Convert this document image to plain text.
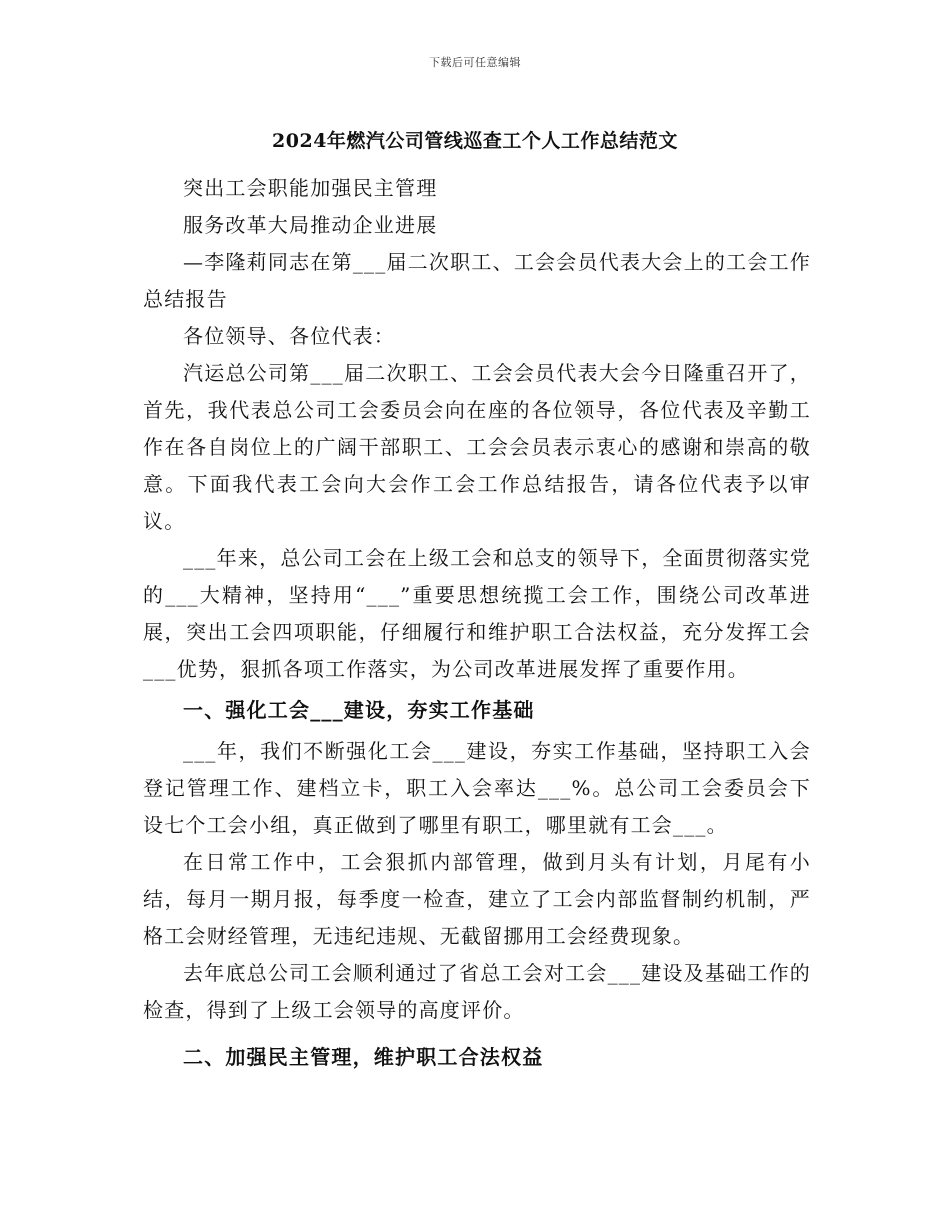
下载后可任意编辑
2024年燃汽公司管线巡查工个人工作总结范文

突出工会职能加强民主管理

服务改革大局推动企业进展

—李隆莉同志在第___届二次职工、工会会员代表大会上的工会工作总结报告

各位领导、各位代表：

汽运总公司第___届二次职工、工会会员代表大会今日隆重召开了，首先，我代表总公司工会委员会向在座的各位领导，各位代表及辛勤工作在各自岗位上的广阔干部职工、工会会员表示衷心的感谢和崇高的敬意。下面我代表工会向大会作工会工作总结报告，请各位代表予以审议。

___年来，总公司工会在上级工会和总支的领导下，全面贯彻落实党的___大精神，坚持用“___”重要思想统揽工会工作，围绕公司改革进展，突出工会四项职能，仔细履行和维护职工合法权益，充分发挥工会___优势，狠抓各项工作落实，为公司改革进展发挥了重要作用。

一、强化工会___建设，夯实工作基础

___年，我们不断强化工会___建设，夯实工作基础，坚持职工入会登记管理工作、建档立卡，职工入会率达___%。总公司工会委员会下设七个工会小组，真正做到了哪里有职工，哪里就有工会___。

在日常工作中，工会狠抓内部管理，做到月头有计划，月尾有小结，每月一期月报，每季度一检查，建立了工会内部监督制约机制，严格工会财经管理，无违纪违规、无截留挪用工会经费现象。

去年底总公司工会顺利通过了省总工会对工会___建设及基础工作的检查，得到了上级工会领导的高度评价。

二、加强民主管理，维护职工合法权益
